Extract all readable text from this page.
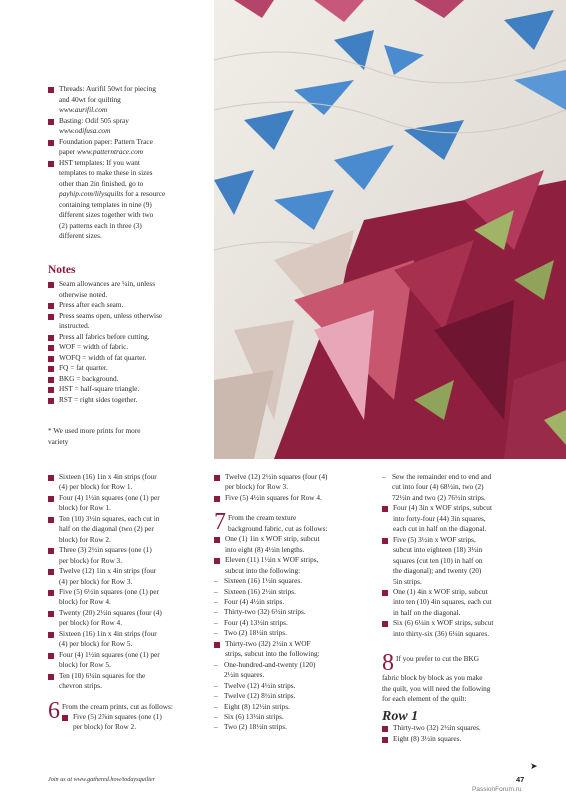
Threads: Aurifil 50wt for piecing
and 40wt for quilting
www.aurifil.com
Basting: Odif 505 spray
www.odifusa.com
Foundation paper: Pattern Trace
paper www.patterntrace.com
HST templates: If you want
templates to make these in sizes
other than 2in finished, go to
payhip.com/lilysquilts for a resource
containing templates in nine (9)
different sizes together with two
(2) patterns each in three (3)
different sizes.
Notes
Seam allowances are ¼in, unless
otherwise noted.
Press after each seam.
Press seams open, unless otherwise
instructed.
Press all fabrics before cutting.
WOF = width of fabric.
WOFQ = width of fat quarter.
FQ = fat quarter.
BKG = background.
HST = half-square triangle.
RST = right sides together.
* We used more prints for more
variety
Sixteen (16) 1in x 4in strips (four
(4) per block) for Row 1.
Four (4) 1½in squares (one (1) per
block) for Row 1.
Ten (10) 3½in squares, each cut in
half on the diagonal (two (2) per
block) for Row 2.
Three (3) 2½in squares (one (1)
per block) for Row 3.
Twelve (12) 1in x 4in strips (four
(4) per block) for Row 3.
Five (5) 6½in squares (one (1) per
block) for Row 4.
Twenty (20) 2½in squares (four (4)
per block) for Row 4.
Sixteen (16) 1in x 4in strips (four
(4) per block) for Row 5.
Four (4) 1½in squares (one (1) per
block) for Row 5.
Ten (10) 6¼in squares for the
chevron strips.
6 From the cream prints, cut as follows:
Five (5) 2⅞in squares (one (1)
per block) for Row 2.
Twelve (12) 2½in squares (four (4)
per block) for Row 3.
Five (5) 4½in squares for Row 4.
7 From the cream texture
background fabric, cut as follows:
One (1) 1in x WOF strip, subcut
into eight (8) 4½in lengths.
Eleven (11) 1½in x WOF strips,
subcut into the following:
– Sixteen (16) 1½in squares.
– Sixteen (16) 2½in strips.
– Four (4) 4½in strips.
– Thirty-two (32) 6½in strips.
– Four (4) 13½in strips.
– Two (2) 18½in strips.
Thirty-two (32) 2½in x WOF
strips, subcut into the following:
– One-hundred-and-twenty (120)
2½in squares.
– Twelve (12) 4½in strips.
– Twelve (12) 8½in strips.
– Eight (8) 12½in strips.
– Six (6) 13½in strips.
– Two (2) 18½in strips.
– Sew the remainder end to end and
cut into four (4) 68½in, two (2)
72½in and two (2) 76½in strips.
Four (4) 3in x WOF strips, subcut
into forty-four (44) 3in squares,
each cut in half on the diagonal.
Five (5) 3½in x WOF strips,
subcut into eighteen (18) 3½in
squares (cut ten (10) in half on
the diagonal); and twenty (20)
5in strips.
One (1) 4in x WOF strip, subcut
into ten (10) 4in squares, each cut
in half on the diagonal.
Six (6) 6¼in x WOF strips, subcut
into thirty-six (36) 6¼in squares.
8 If you prefer to cut the BKG
fabric block by block as you make
the quilt, you will need the following
for each element of the quilt:
Row 1
Thirty-two (32) 2½in squares.
Eight (8) 3½in squares.
➤
Join us at www.gathered.how/todaysquilter	47
PassionForum.ru
